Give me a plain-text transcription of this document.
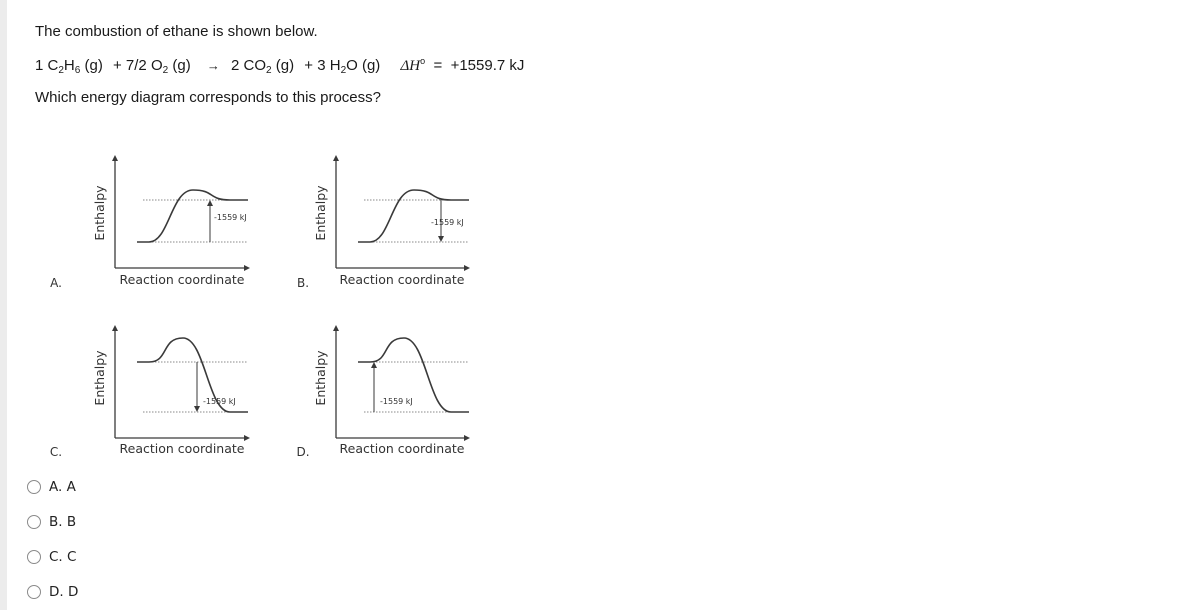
The combustion of ethane is shown below.
1 $C_2H_6$ (g) + 7/2 $O_2$ (g) → 2 $CO_2$ (g) + 3 $H_2O$ (g) $\Delta H^o = +1559.7$ kJ
Which energy diagram corresponds to this process?
-1559 kJ
Enthalpy
Reaction coordinate
A.
-1559 kJ
Enthalpy
Reaction coordinate
B.
-1559 kJ
Enthalpy
Reaction coordinate
C.
-1559 kJ
Enthalpy
Reaction coordinate
D.
A. A
B. B
C. C
D. D
